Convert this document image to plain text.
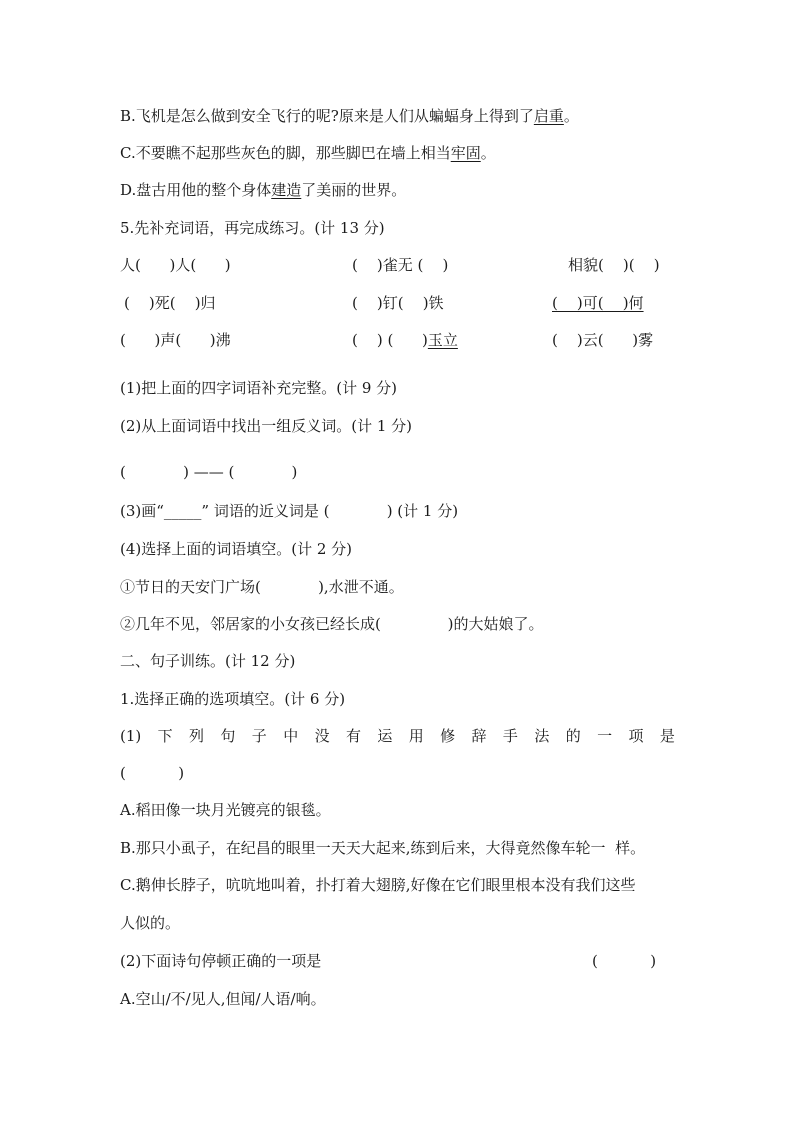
B.飞机是怎么做到安全飞行的呢?原来是人们从蝙蝠身上得到了启重。
C.不要瞧不起那些灰色的脚，那些脚巴在墙上相当牢固。
D.盘古用他的整个身体建造了美丽的世界。
5.先补充词语，再完成练习。(计 13 分)
人(      )人(      )	(    )雀无 (    )	相貌(    )(    )
(    )死(    )归	(    )钉(    )铁	(    )可(    )何
(      )声(      )沸	(    ) (      )玉立	(    )云(      )雾
(1)把上面的四字词语补充完整。(计 9 分)
(2)从上面词语中找出一组反义词。(计 1 分)
(            ) —— (            )
(3)画“_____” 词语的近义词是 (            ) (计 1 分)
(4)选择上面的词语填空。(计 2 分)
①节日的天安门广场(            ),水泄不通。
②几年不见，邻居家的小女孩已经长成(              )的大姑娘了。
二、句子训练。(计 12 分)
1.选择正确的选项填空。(计 6 分)
(1) 下 列 句 子 中 没 有 运 用 修 辞 手 法 的 一 项 是
(           )
A.稻田像一块月光镀亮的银毯。
B.那只小虱子，在纪昌的眼里一天天大起来,练到后来，大得竟然像车轮一  样。
C.鹅伸长脖子，吭吭地叫着，扑打着大翅膀,好像在它们眼里根本没有我们这些
人似的。
(2)下面诗句停顿正确的一项是	(           )
A.空山/不/见人,但闻/人语/响。
